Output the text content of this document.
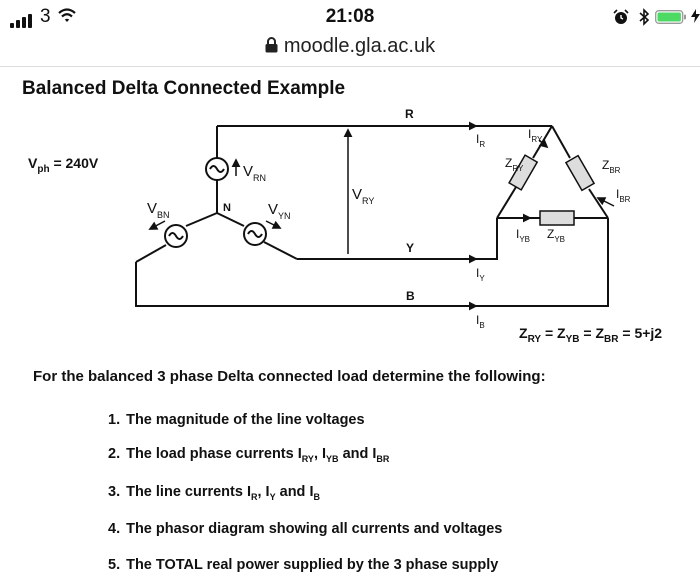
3	21:08
moodle.gla.ac.uk
Balanced Delta Connected Example
$V_{ph} = 240V$
$Z_{RY} = Z_{YB} = Z_{BR} = 5+j2$
R
Y
B
N
$V_{RN}$
$V_{YN}$
$V_{BN}$
$V_{RY}$
$I_R$
$I_Y$
$I_B$
$I_{RY}$
$I_{BR}$
$I_{YB}$
$Z_{RY}$	$Z_{BR}$
$Z_{YB}$
For the balanced 3 phase Delta connected load determine the following:
1. The magnitude of the line voltages
2. The load phase currents $I_{RY}$, $I_{YB}$ and $I_{BR}$
3. The line currents $I_R$, $I_Y$ and $I_B$
4. The phasor diagram showing all currents and voltages
5. The TOTAL real power supplied by the 3 phase supply
